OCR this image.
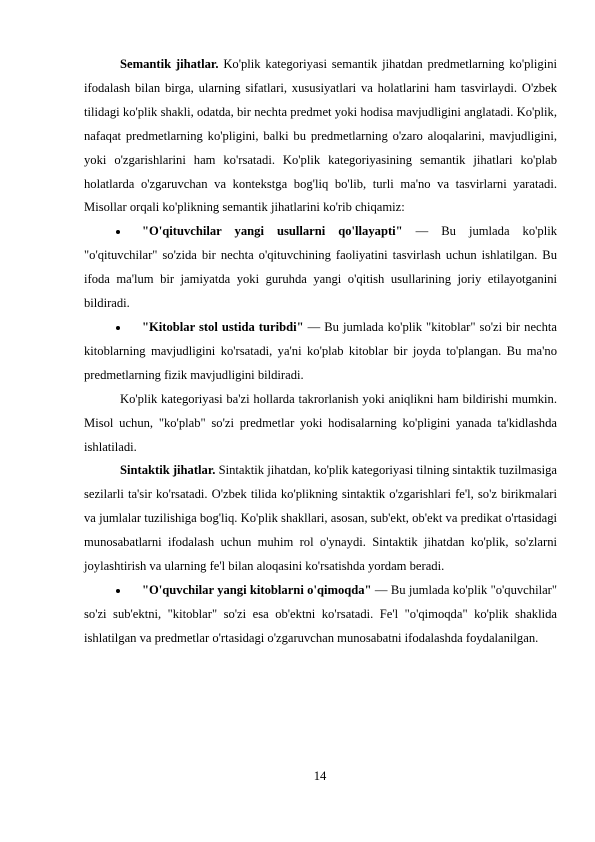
Semantik jihatlar. Ko'plik kategoriyasi semantik jihatdan predmetlarning ko'pligini ifodalash bilan birga, ularning sifatlari, xususiyatlari va holatlarini ham tasvirlaydi. O'zbek tilidagi ko'plik shakli, odatda, bir nechta predmet yoki hodisa mavjudligini anglatadi. Ko'plik, nafaqat predmetlarning ko'pligini, balki bu predmetlarning o'zaro aloqalarini, mavjudligini, yoki o'zgarishlarini ham ko'rsatadi. Ko'plik kategoriyasining semantik jihatlari ko'plab holatlarda o'zgaruvchan va kontekstga bog'liq bo'lib, turli ma'no va tasvirlarni yaratadi. Misollar orqali ko'plikning semantik jihatlarini ko'rib chiqamiz:

"O'qituvchilar yangi usullarni qo'llayapti" — Bu jumlada ko'plik "o'qituvchilar" so'zida bir nechta o'qituvchining faoliyatini tasvirlash uchun ishlatilgan. Bu ifoda ma'lum bir jamiyatda yoki guruhda yangi o'qitish usullarining joriy etilayotganini bildiradi.

"Kitoblar stol ustida turibdi" — Bu jumlada ko'plik "kitoblar" so'zi bir nechta kitoblarning mavjudligini ko'rsatadi, ya'ni ko'plab kitoblar bir joyda to'plangan. Bu ma'no predmetlarning fizik mavjudligini bildiradi.

Ko'plik kategoriyasi ba'zi hollarda takrorlanish yoki aniqlikni ham bildirishi mumkin. Misol uchun, "ko'plab" so'zi predmetlar yoki hodisalarning ko'pligini yanada ta'kidlashda ishlatiladi.

Sintaktik jihatlar. Sintaktik jihatdan, ko'plik kategoriyasi tilning sintaktik tuzilmasiga sezilarli ta'sir ko'rsatadi. O'zbek tilida ko'plikning sintaktik o'zgarishlari fe'l, so'z birikmalari va jumlalar tuzilishiga bog'liq. Ko'plik shakllari, asosan, sub'ekt, ob'ekt va predikat o'rtasidagi munosabatlarni ifodalash uchun muhim rol o'ynaydi. Sintaktik jihatdan ko'plik, so'zlarni joylashtirish va ularning fe'l bilan aloqasini ko'rsatishda yordam beradi.

"O'quvchilar yangi kitoblarni o'qimoqda" — Bu jumlada ko'plik "o'quvchilar" so'zi sub'ektni, "kitoblar" so'zi esa ob'ektni ko'rsatadi. Fe'l "o'qimoqda" ko'plik shaklida ishlatilgan va predmetlar o'rtasidagi o'zgaruvchan munosabatni ifodalashda foydalanilgan.

14
